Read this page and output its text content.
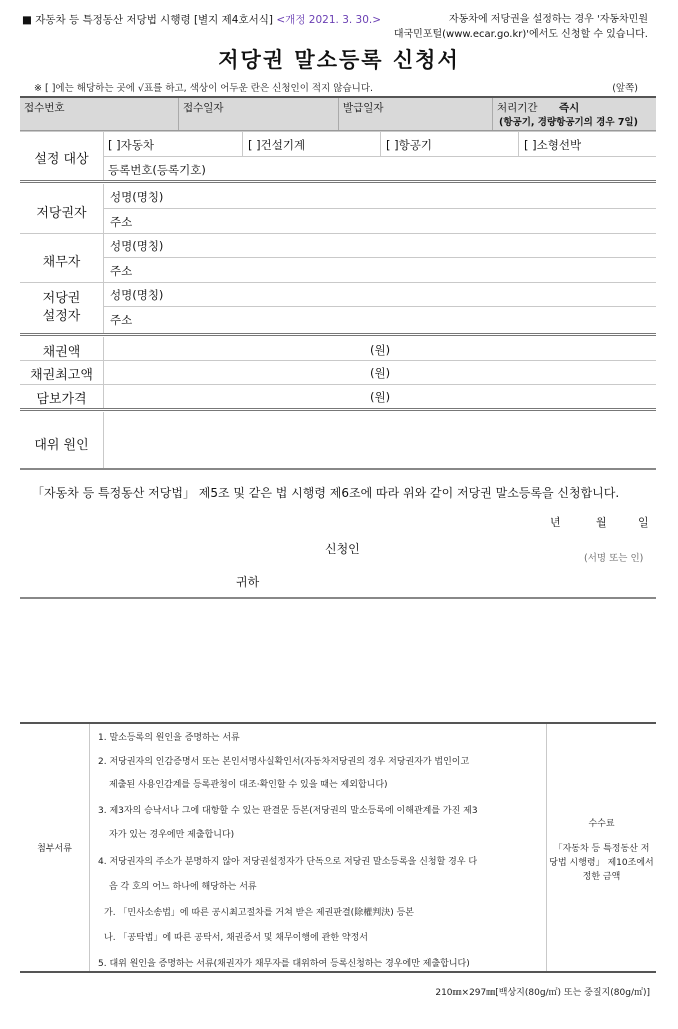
■ 자동차 등 특정동산 저당법 시행령 [별지 제4호서식] <개정 2021. 3. 30.>	자동차에 저당권을 설정하는 경우 '자동차민원
대국민포털(www.ecar.go.kr)'에서도 신청할 수 있습니다.
저당권 말소등록 신청서
※ [ ]에는 해당하는 곳에 √표를 하고, 색상이 어두운 란은 신청인이 적지 않습니다.	(앞쪽)
접수번호	접수일자	발급일자	처리기간 즉시
(항공기, 경량항공기의 경우 7일)
설정 대상
[ ]자동차	[ ]건설기계	[ ]항공기	[ ]소형선박
등록번호(등록기호)
저당권자
성명(명칭)
주소
채무자
성명(명칭)
주소
저당권
설정자
성명(명칭)
주소
채권액	(원)
채권최고액	(원)
담보가격	(원)
대위 원인
「자동차 등 특정동산 저당법」 제5조 및 같은 법 시행령 제6조에 따라 위와 같이 저당권 말소등록을 신청합니다.
년	월	일
신청인
(서명 또는 인)
귀하
첨부서류
1. 말소등록의 원인을 증명하는 서류
2. 저당권자의 인감증명서 또는 본인서명사실확인서(자동차저당권의 경우 저당권자가 법인이고
제출된 사용인감계를 등록관청이 대조·확인할 수 있을 때는 제외합니다)
3. 제3자의 승낙서나 그에 대항할 수 있는 판결문 등본(저당권의 말소등록에 이해관계를 가진 제3
자가 있는 경우에만 제출합니다)
4. 저당권자의 주소가 분명하지 않아 저당권설정자가 단독으로 저당권 말소등록을 신청할 경우 다
음 각 호의 어느 하나에 해당하는 서류
가. 「민사소송법」에 따른 공시최고절차를 거쳐 받은 제권판결(除權判決) 등본
나. 「공탁법」에 따른 공탁서, 채권증서 및 채무이행에 관한 약정서
5. 대위 원인을 증명하는 서류(채권자가 채무자를 대위하여 등록신청하는 경우에만 제출합니다)
수수료
「자동차 등 특정동산 저
당법 시행령」 제10조에서
정한 금액
210㎜×297㎜[백상지(80g/㎡) 또는 중질지(80g/㎡)]
